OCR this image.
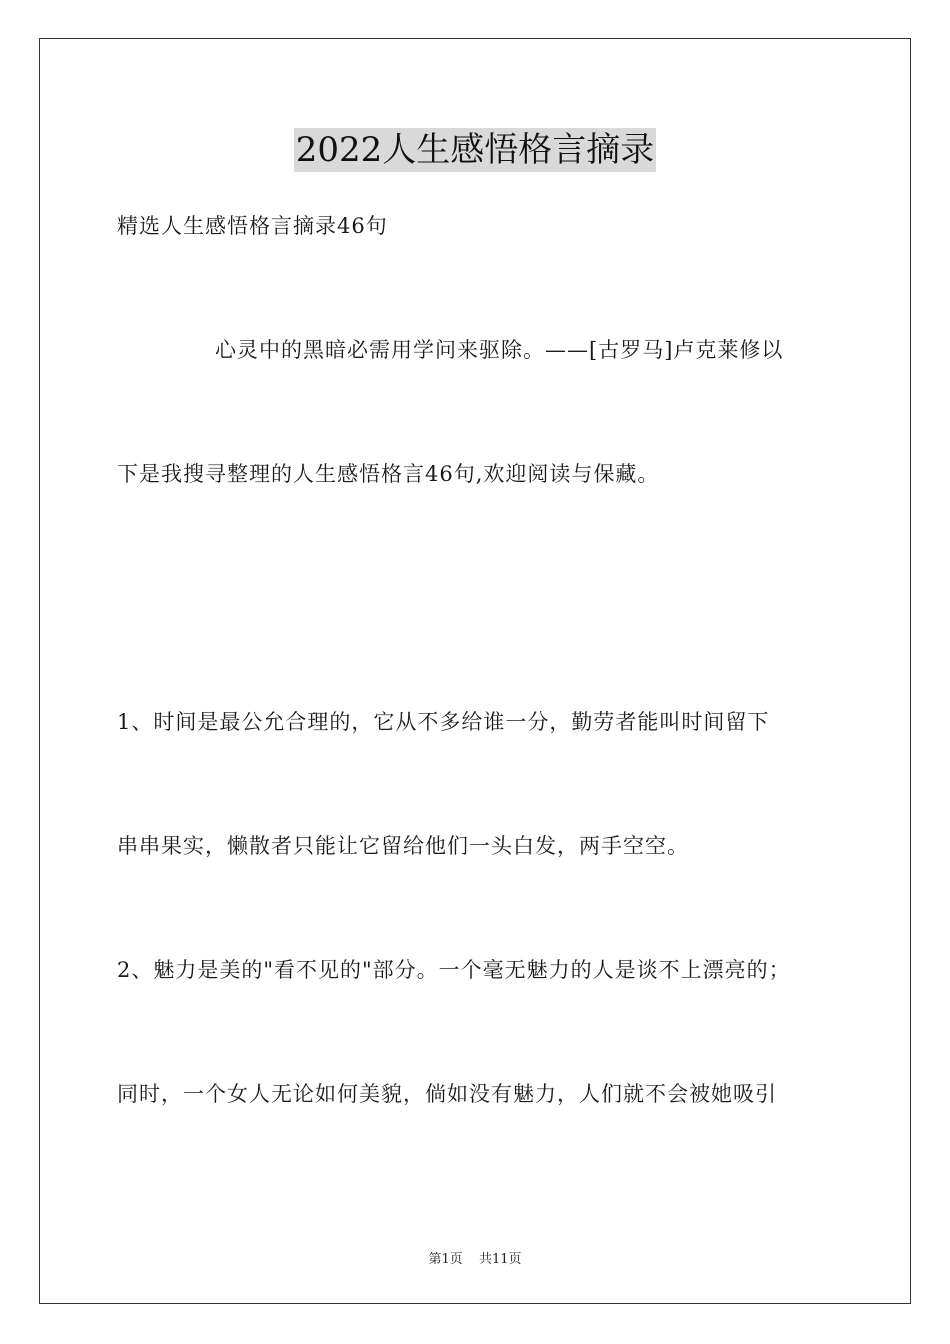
2022人生感悟格言摘录
精选人生感悟格言摘录46句
心灵中的黑暗必需用学问来驱除。——[古罗马]卢克莱修以
下是我搜寻整理的人生感悟格言46句,欢迎阅读与保藏。
1、时间是最公允合理的，它从不多给谁一分，勤劳者能叫时间留下
串串果实，懒散者只能让它留给他们一头白发，两手空空。
2、魅力是美的"看不见的"部分。一个毫无魅力的人是谈不上漂亮的；
同时，一个女人无论如何美貌，倘如没有魅力，人们就不会被她吸引
第1页 共11页
